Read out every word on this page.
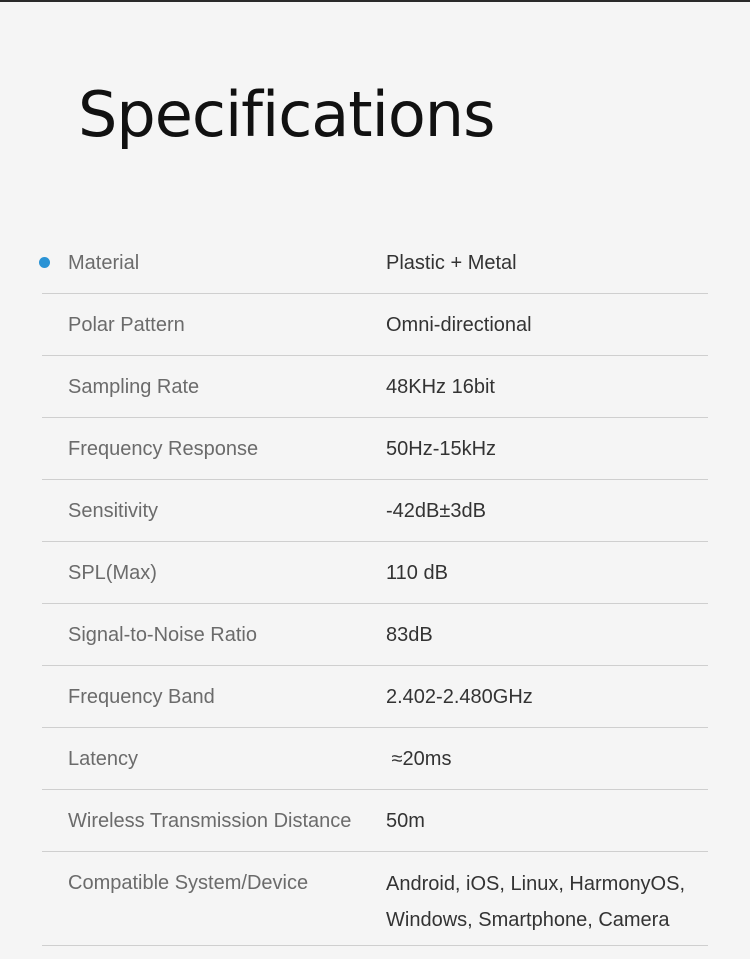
Specifications
Material	Plastic + Metal
Polar Pattern	Omni-directional
Sampling Rate	48KHz 16bit
Frequency Response	50Hz-15kHz
Sensitivity	-42dB±3dB
SPL(Max)	110 dB
Signal-to-Noise Ratio	83dB
Frequency Band	2.402-2.480GHz
Latency	≈20ms
Wireless Transmission Distance 50m
Compatible System/Device	Android, iOS, Linux, HarmonyOS,
Windows, Smartphone, Camera
